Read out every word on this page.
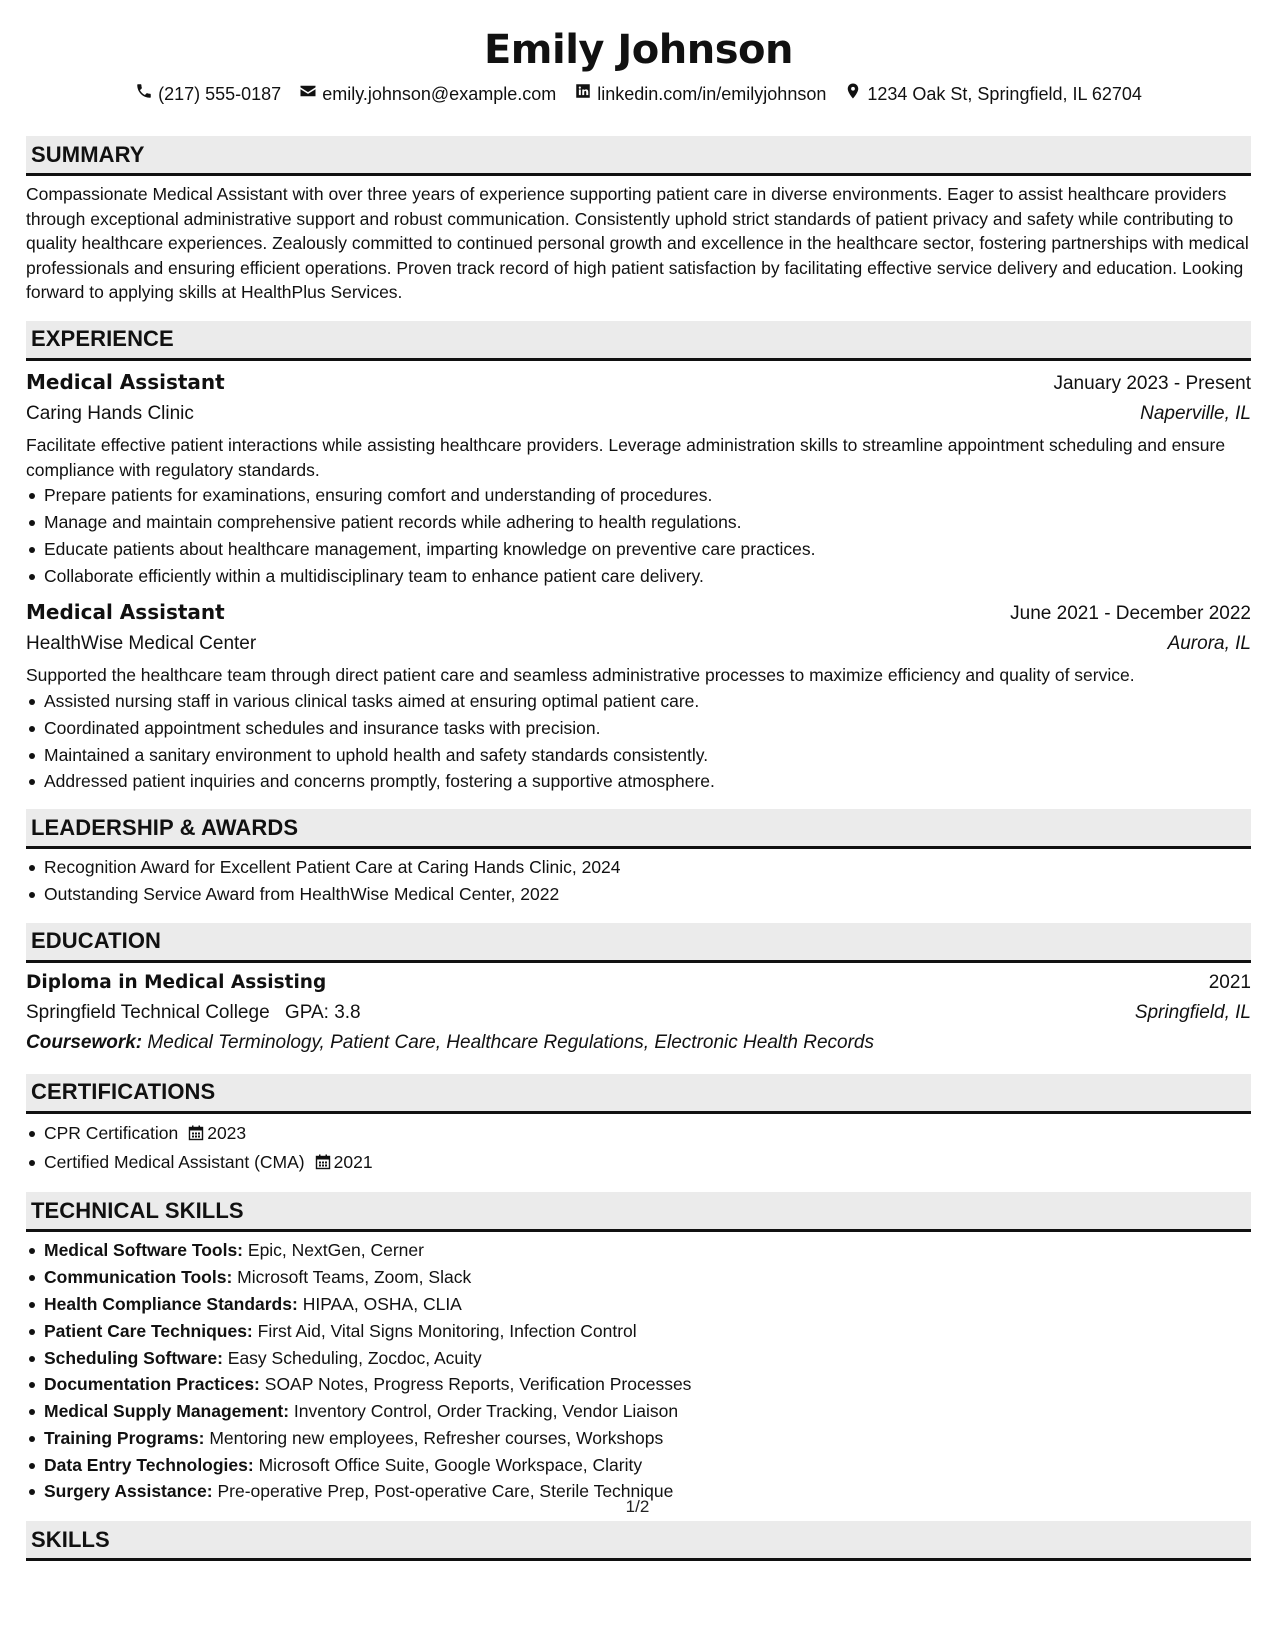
Emily Johnson
(217) 555-0187 emily.johnson@example.com linkedin.com/in/emilyjohnson 1234 Oak St, Springfield, IL 62704
SUMMARY

Compassionate Medical Assistant with over three years of experience supporting patient care in diverse environments. Eager to assist healthcare providers through exceptional administrative support and robust communication. Consistently uphold strict standards of patient privacy and safety while contributing to quality healthcare experiences. Zealously committed to continued personal growth and excellence in the healthcare sector, fostering partnerships with medical professionals and ensuring efficient operations. Proven track record of high patient satisfaction by facilitating effective service delivery and education. Looking forward to applying skills at HealthPlus Services.

EXPERIENCE
Medical Assistant	January 2023 - Present
Caring Hands Clinic	Naperville, IL

Facilitate effective patient interactions while assisting healthcare providers. Leverage administration skills to streamline appointment scheduling and ensure compliance with regulatory standards.

Prepare patients for examinations, ensuring comfort and understanding of procedures.
Manage and maintain comprehensive patient records while adhering to health regulations.
Educate patients about healthcare management, imparting knowledge on preventive care practices.
Collaborate efficiently within a multidisciplinary team to enhance patient care delivery.
Medical Assistant	June 2021 - December 2022
HealthWise Medical Center	Aurora, IL

Supported the healthcare team through direct patient care and seamless administrative processes to maximize efficiency and quality of service.

Assisted nursing staff in various clinical tasks aimed at ensuring optimal patient care.
Coordinated appointment schedules and insurance tasks with precision.
Maintained a sanitary environment to uphold health and safety standards consistently.
Addressed patient inquiries and concerns promptly, fostering a supportive atmosphere.
LEADERSHIP & AWARDS
Recognition Award for Excellent Patient Care at Caring Hands Clinic, 2024
Outstanding Service Award from HealthWise Medical Center, 2022
EDUCATION
Diploma in Medical Assisting	2021
Springfield Technical College GPA: 3.8	Springfield, IL
Coursework: Medical Terminology, Patient Care, Healthcare Regulations, Electronic Health Records
CERTIFICATIONS
CPR Certification 2023
Certified Medical Assistant (CMA) 2021
TECHNICAL SKILLS
Medical Software Tools: Epic, NextGen, Cerner
Communication Tools: Microsoft Teams, Zoom, Slack
Health Compliance Standards: HIPAA, OSHA, CLIA
Patient Care Techniques: First Aid, Vital Signs Monitoring, Infection Control
Scheduling Software: Easy Scheduling, Zocdoc, Acuity
Documentation Practices: SOAP Notes, Progress Reports, Verification Processes
Medical Supply Management: Inventory Control, Order Tracking, Vendor Liaison
Training Programs: Mentoring new employees, Refresher courses, Workshops
Data Entry Technologies: Microsoft Office Suite, Google Workspace, Clarity
Surgery Assistance: Pre-operative Prep, Post-operative Care, Sterile Technique
SKILLS
1/2
